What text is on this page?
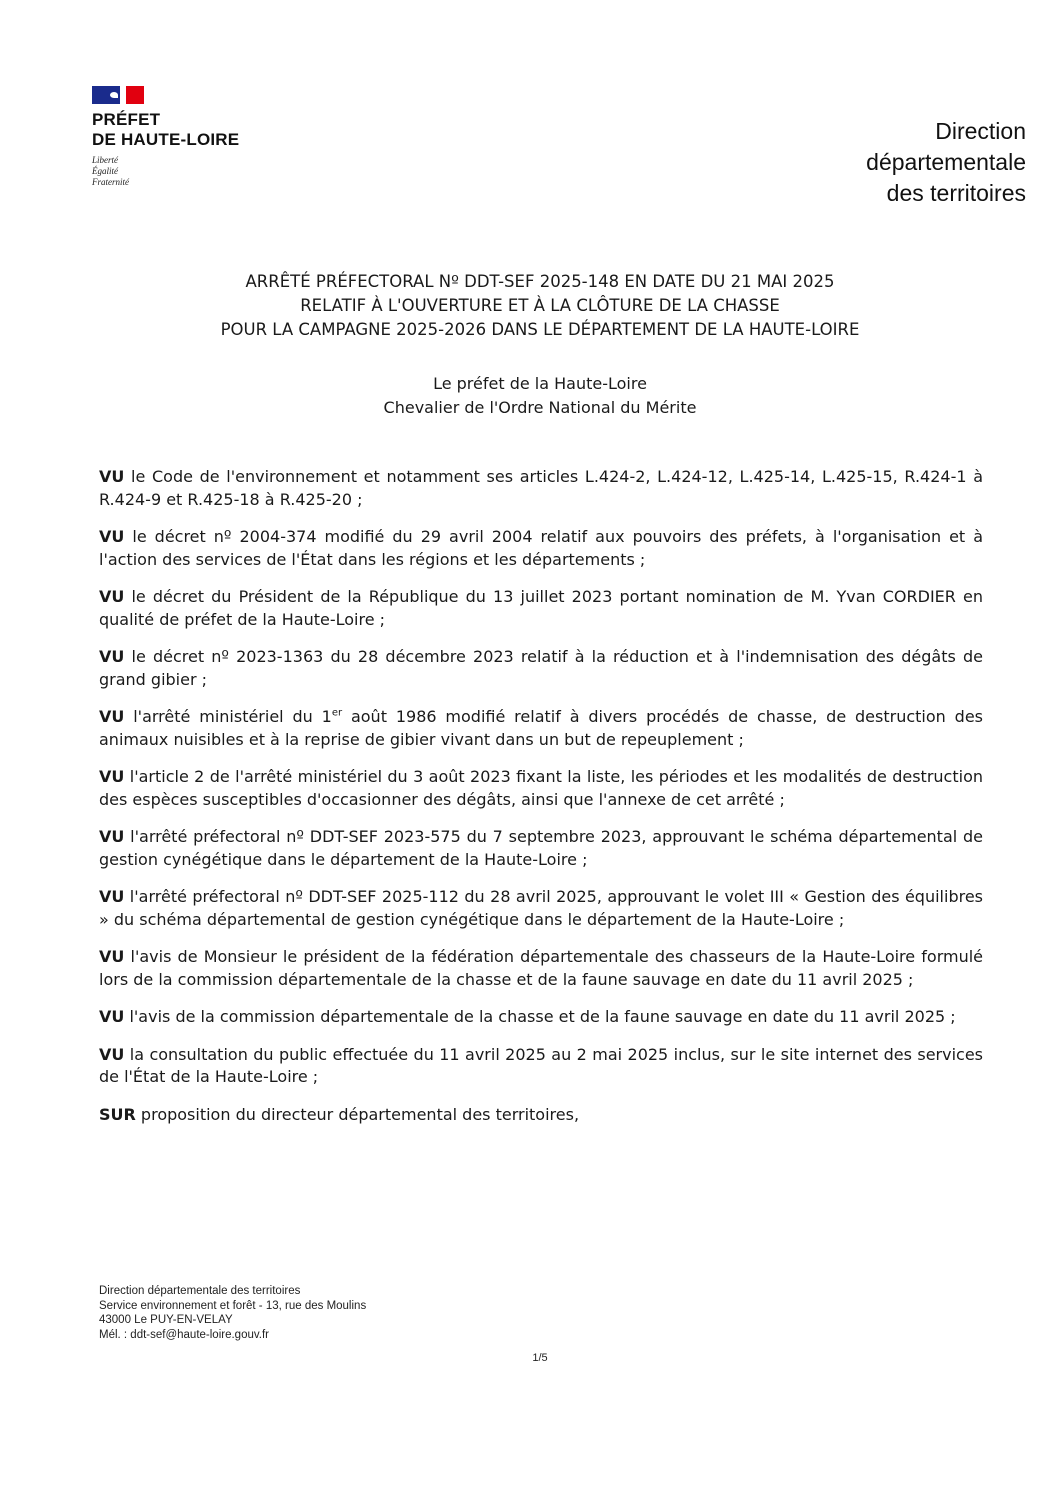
PRÉFET
DE HAUTE-LOIRE
Liberté
Égalité
Fraternité
Direction
départementale
des territoires
ARRÊTÉ PRÉFECTORAL Nº DDT-SEF 2025-148 EN DATE DU 21 MAI 2025
RELATIF À L'OUVERTURE ET À LA CLÔTURE DE LA CHASSE
POUR LA CAMPAGNE 2025-2026 DANS LE DÉPARTEMENT DE LA HAUTE-LOIRE
Le préfet de la Haute-Loire
Chevalier de l'Ordre National du Mérite

VU le Code de l'environnement et notamment ses articles L.424-2, L.424-12, L.425-14, L.425-15, R.424-1 à R.424-9 et R.425-18 à R.425-20 ;

VU le décret nº 2004-374 modifié du 29 avril 2004 relatif aux pouvoirs des préfets, à l'organisation et à l'action des services de l'État dans les régions et les départements ;

VU le décret du Président de la République du 13 juillet 2023 portant nomination de M. Yvan CORDIER en qualité de préfet de la Haute-Loire ;

VU le décret nº 2023-1363 du 28 décembre 2023 relatif à la réduction et à l'indemnisation des dégâts de grand gibier ;

VU l'arrêté ministériel du 1er août 1986 modifié relatif à divers procédés de chasse, de destruction des animaux nuisibles et à la reprise de gibier vivant dans un but de repeuplement ;

VU l'article 2 de l'arrêté ministériel du 3 août 2023 fixant la liste, les périodes et les modalités de destruction des espèces susceptibles d'occasionner des dégâts, ainsi que l'annexe de cet arrêté ;

VU l'arrêté préfectoral nº DDT-SEF 2023-575 du 7 septembre 2023, approuvant le schéma départemental de gestion cynégétique dans le département de la Haute-Loire ;

VU l'arrêté préfectoral nº DDT-SEF 2025-112 du 28 avril 2025, approuvant le volet III « Gestion des équilibres » du schéma départemental de gestion cynégétique dans le département de la Haute-Loire ;

VU l'avis de Monsieur le président de la fédération départementale des chasseurs de la Haute-Loire formulé lors de la commission départementale de la chasse et de la faune sauvage en date du 11 avril 2025 ;

VU l'avis de la commission départementale de la chasse et de la faune sauvage en date du 11 avril 2025 ;

VU la consultation du public effectuée du 11 avril 2025 au 2 mai 2025 inclus, sur le site internet des services de l'État de la Haute-Loire ;

SUR proposition du directeur départemental des territoires,

Direction départementale des territoires
Service environnement et forêt - 13, rue des Moulins
43000 Le PUY-EN-VELAY
Mél. : ddt-sef@haute-loire.gouv.fr
1/5
